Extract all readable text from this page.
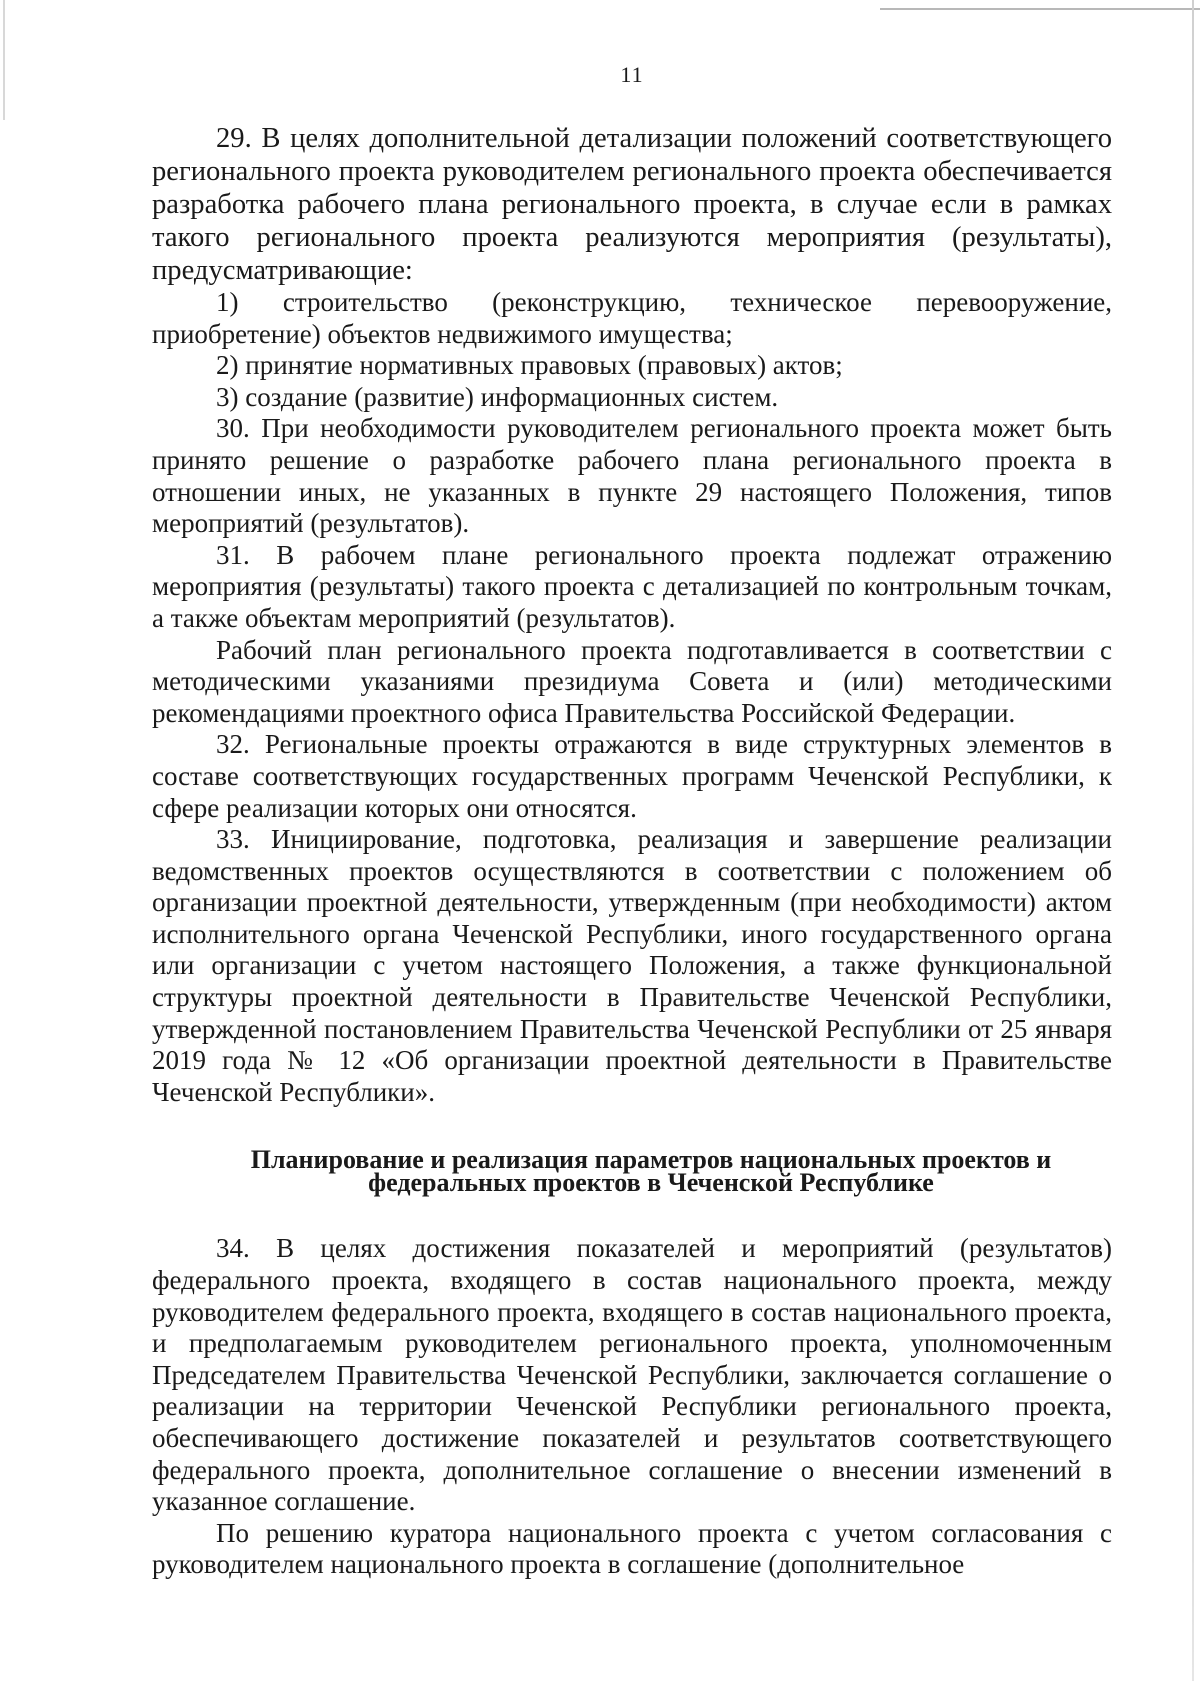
11

29. В целях дополнительной детализации положений соответствующего регионального проекта руководителем регионального проекта обеспечивается разработка рабочего плана регионального проекта, в случае если в рамках такого регионального проекта реализуются мероприятия (результаты), предусматривающие:

1) строительство (реконструкцию, техническое перевооружение, приобретение) объектов недвижимого имущества;

2) принятие нормативных правовых (правовых) актов;

3) создание (развитие) информационных систем.

30. При необходимости руководителем регионального проекта может быть принято решение о разработке рабочего плана регионального проекта в отношении иных, не указанных в пункте 29 настоящего Положения, типов мероприятий (результатов).

31. В рабочем плане регионального проекта подлежат отражению мероприятия (результаты) такого проекта с детализацией по контрольным точкам, а также объектам мероприятий (результатов).

Рабочий план регионального проекта подготавливается в соответствии с методическими указаниями президиума Совета и (или) методическими рекомендациями проектного офиса Правительства Российской Федерации.

32. Региональные проекты отражаются в виде структурных элементов в составе соответствующих государственных программ Чеченской Республики, к сфере реализации которых они относятся.

33. Инициирование, подготовка, реализация и завершение реализации ведомственных проектов осуществляются в соответствии с положением об организации проектной деятельности, утвержденным (при необходимости) актом исполнительного органа Чеченской Республики, иного государственного органа или организации с учетом настоящего Положения, а также функциональной структуры проектной деятельности в Правительстве Чеченской Республики, утвержденной постановлением Правительства Чеченской Республики от 25 января 2019 года № 12 «Об организации проектной деятельности в Правительстве Чеченской Республики».

Планирование и реализация параметров национальных проектов и

федеральных проектов в Чеченской Республике

34. В целях достижения показателей и мероприятий (результатов) федерального проекта, входящего в состав национального проекта, между руководителем федерального проекта, входящего в состав национального проекта, и предполагаемым руководителем регионального проекта, уполномоченным Председателем Правительства Чеченской Республики, заключается соглашение о реализации на территории Чеченской Республики регионального проекта, обеспечивающего достижение показателей и результатов соответствующего федерального проекта, дополнительное соглашение о внесении изменений в указанное соглашение.

По решению куратора национального проекта с учетом согласования с руководителем национального проекта в соглашение (дополнительное
